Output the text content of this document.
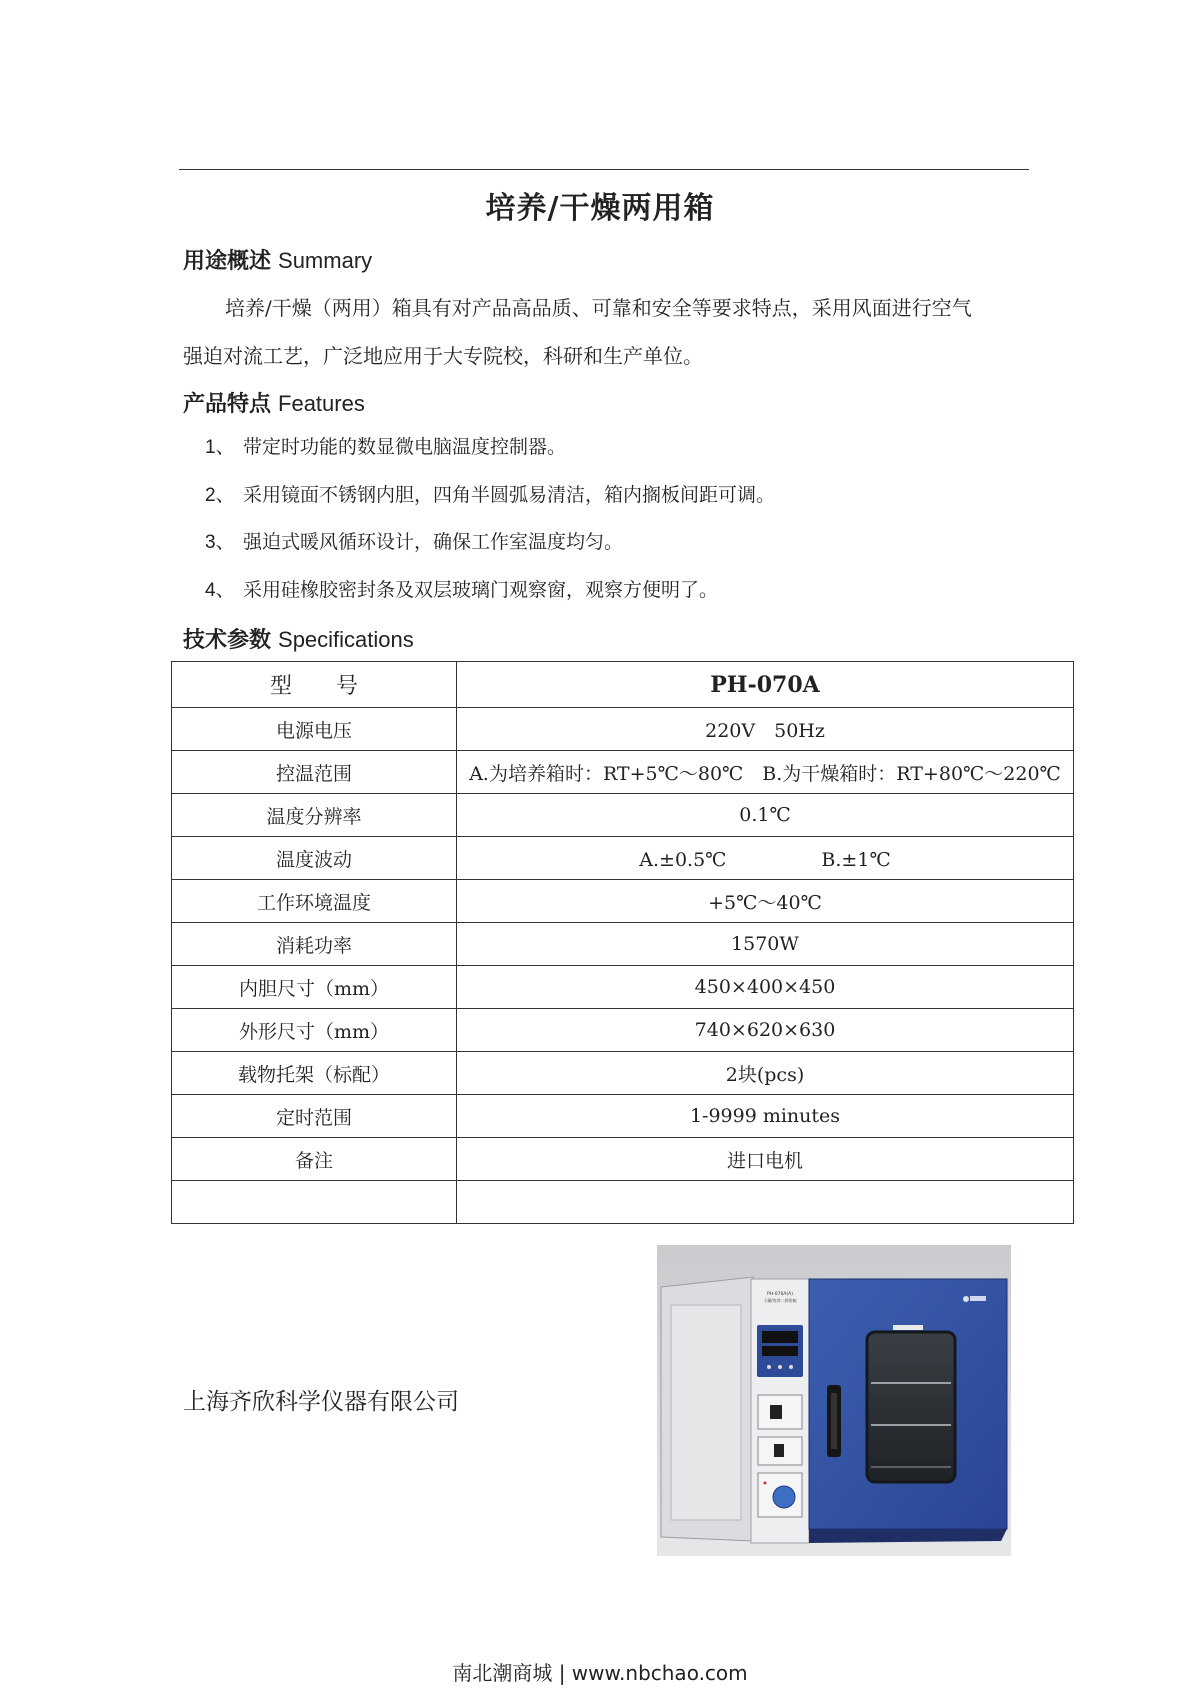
培养/干燥两用箱
用途概述 Summary
培养/干燥（两用）箱具有对产品高品质、可靠和安全等要求特点，采用风面进行空气
强迫对流工艺，广泛地应用于大专院校，科研和生产单位。
产品特点 Features
1、 带定时功能的数显微电脑温度控制器。
2、 采用镜面不锈钢内胆，四角半圆弧易清洁，箱内搁板间距可调。
3、 强迫式暖风循环设计，确保工作室温度均匀。
4、 采用硅橡胶密封条及双层玻璃门观察窗，观察方便明了。
技术参数 Specifications
型　　号	PH-070A
电源电压	220V　50Hz
控温范围	A.为培养箱时：RT+5℃～80℃　B.为干燥箱时：RT+80℃～220℃
温度分辨率	0.1℃
温度波动	A.±0.5℃　　　　　B.±1℃
工作环境温度	+5℃～40℃
消耗功率	1570W
内胆尺寸（mm）	450×400×450
外形尺寸（mm）	740×620×630
载物托架（标配）	2块(pcs)
定时范围	1-9999 minutes
备注	进口电机

上海齐欣科学仪器有限公司
PH-070A(A)
干燥/培养二两用箱
南北潮商城 | www.nbchao.com
